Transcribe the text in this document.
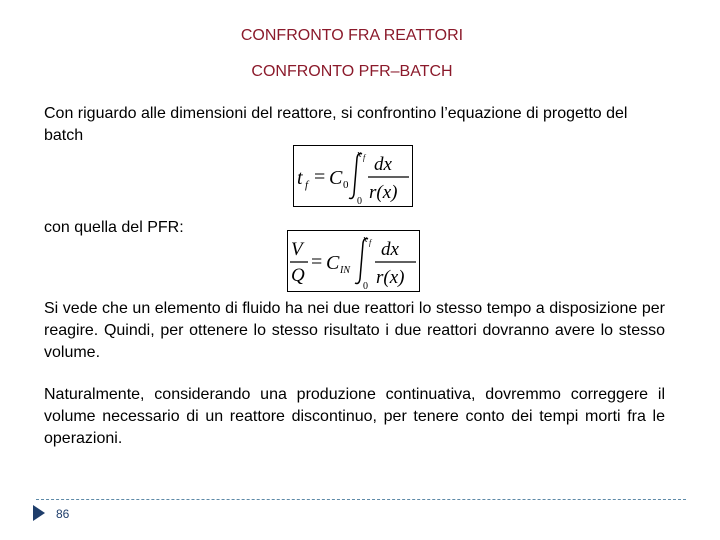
CONFRONTO FRA REATTORI
CONFRONTO PFR–BATCH

Con riguardo alle dimensioni del reattore, si confrontino l’equazione di progetto del batch

t f = C 0
x f
0
dx
r(x)

con quella del PFR:

V
Q
= C IN
x f
0
dx
r(x)

Si vede che un elemento di fluido ha nei due reattori lo stesso tempo a disposizione per reagire. Quindi, per ottenere lo stesso risultato i due reattori dovranno avere lo stesso volume.

Naturalmente, considerando una produzione continuativa, dovremmo correggere il volume necessario di un reattore discontinuo, per tenere conto dei tempi morti fra le operazioni.

86
